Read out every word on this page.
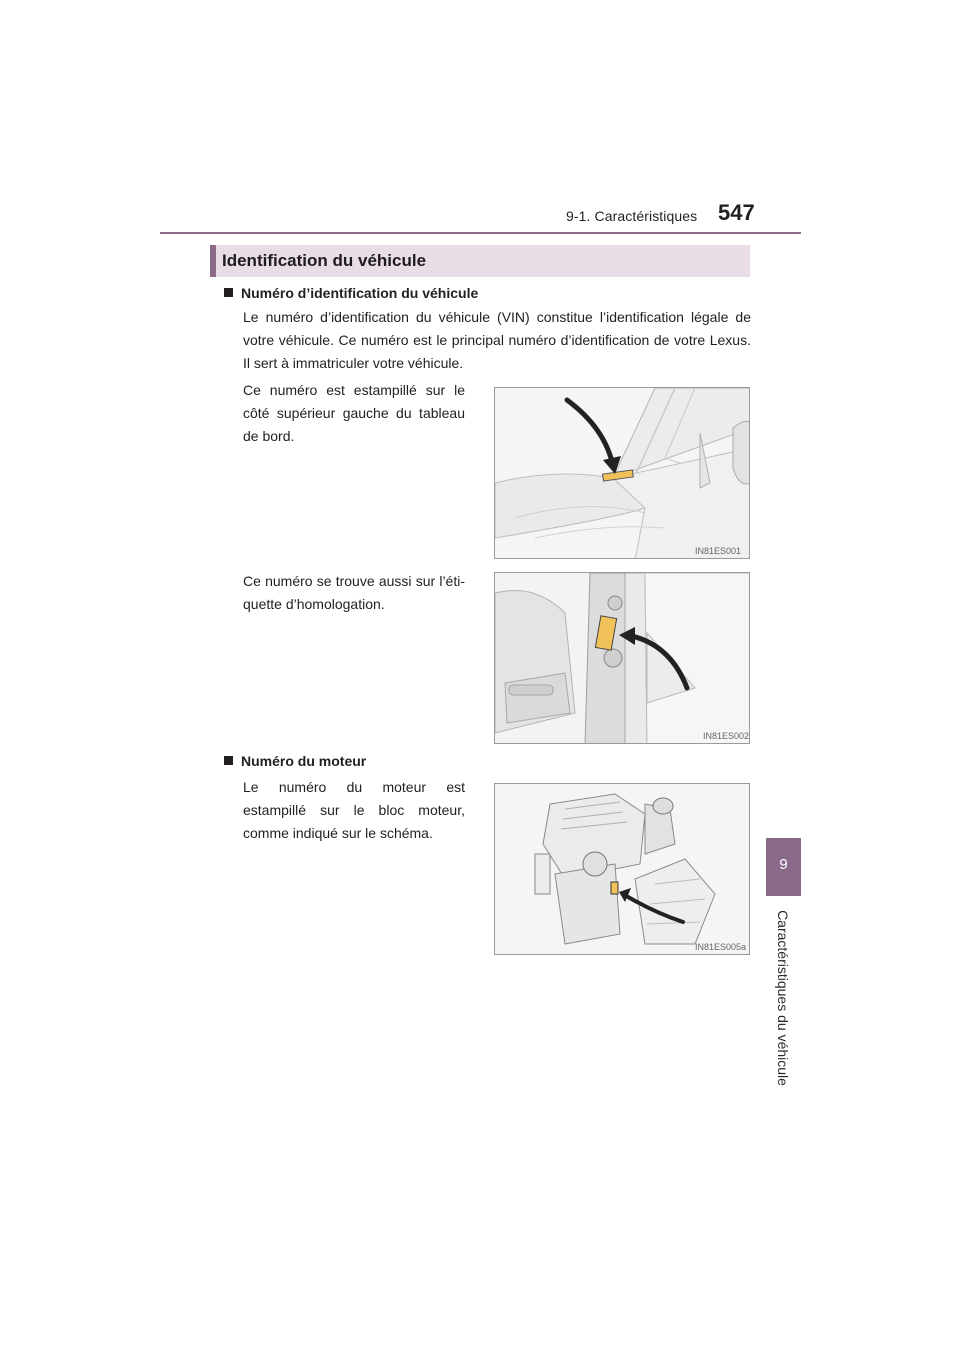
9-1. Caractéristiques 547
9
Caractéristiques du véhicule
Identification du véhicule
Numéro d’identification du véhicule
Le numéro d’identification du véhicule (VIN) constitue l’identification légale de votre véhicule. Ce numéro est le principal numéro d’identification de votre Lexus. Il sert à immatriculer votre véhicule.
Ce numéro est estampillé sur le côté supérieur gauche du tableau de bord.
IN81ES001
Ce numéro se trouve aussi sur l’éti-quette d’homologation.
IN81ES002
Numéro du moteur
Le numéro du moteur est estampillé sur le bloc moteur, comme indiqué sur le schéma.
IN81ES005a
